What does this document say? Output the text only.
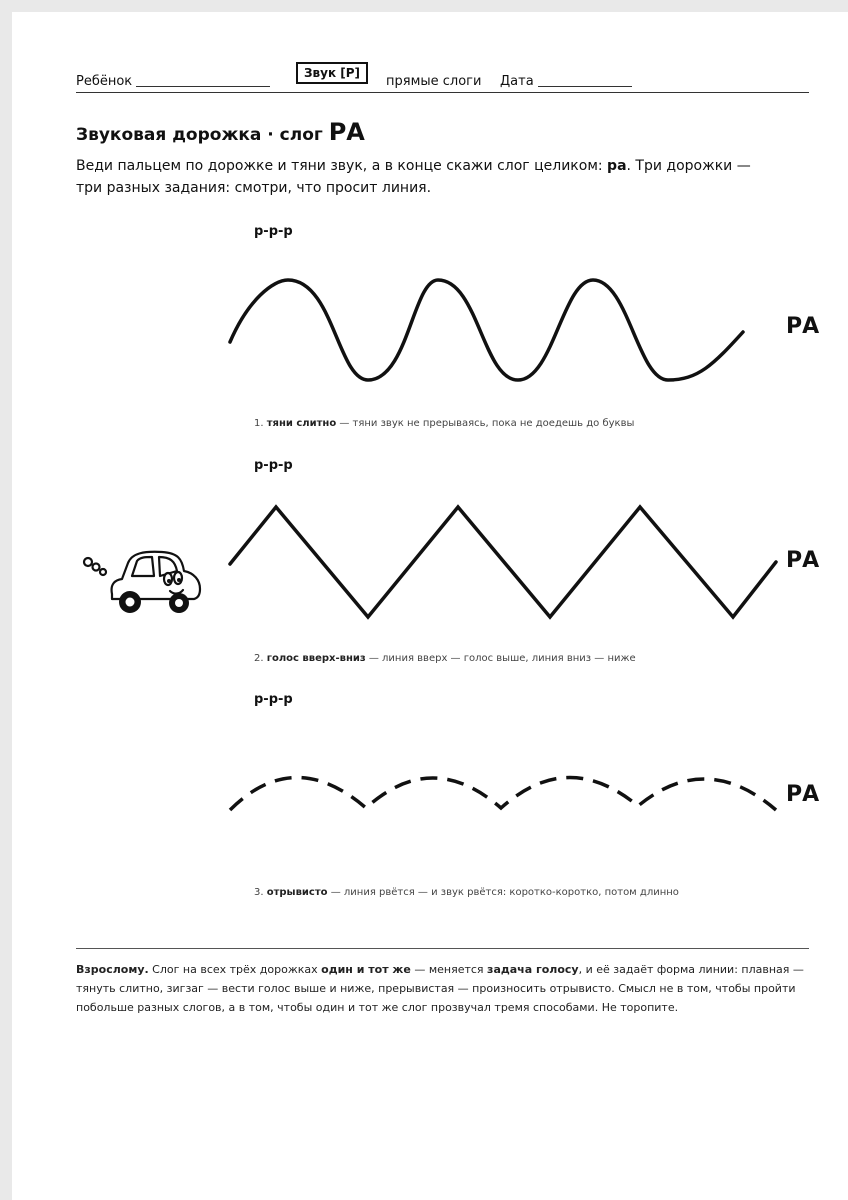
Ребёнок
Звук [Р]
прямые слоги Дата
Звуковая дорожка · слог РА
Веди пальцем по дорожке и тяни звук, а в конце скажи слог целиком: ра. Три дорожки — три разных задания: смотри, что просит линия.
р-р-р
РА
1. тяни слитно — тяни звук не прерываясь, пока не доедешь до буквы
р-р-р
РА
2. голос вверх-вниз — линия вверх — голос выше, линия вниз — ниже
р-р-р
РА
3. отрывисто — линия рвётся — и звук рвётся: коротко-коротко, потом длинно
Взрослому. Слог на всех трёх дорожках один и тот же — меняется задача голосу, и её задаёт форма линии: плавная — тянуть слитно, зигзаг — вести голос выше и ниже, прерывистая — произносить отрывисто. Смысл не в том, чтобы пройти побольше разных слогов, а в том, чтобы один и тот же слог прозвучал тремя способами. Не торопите.
